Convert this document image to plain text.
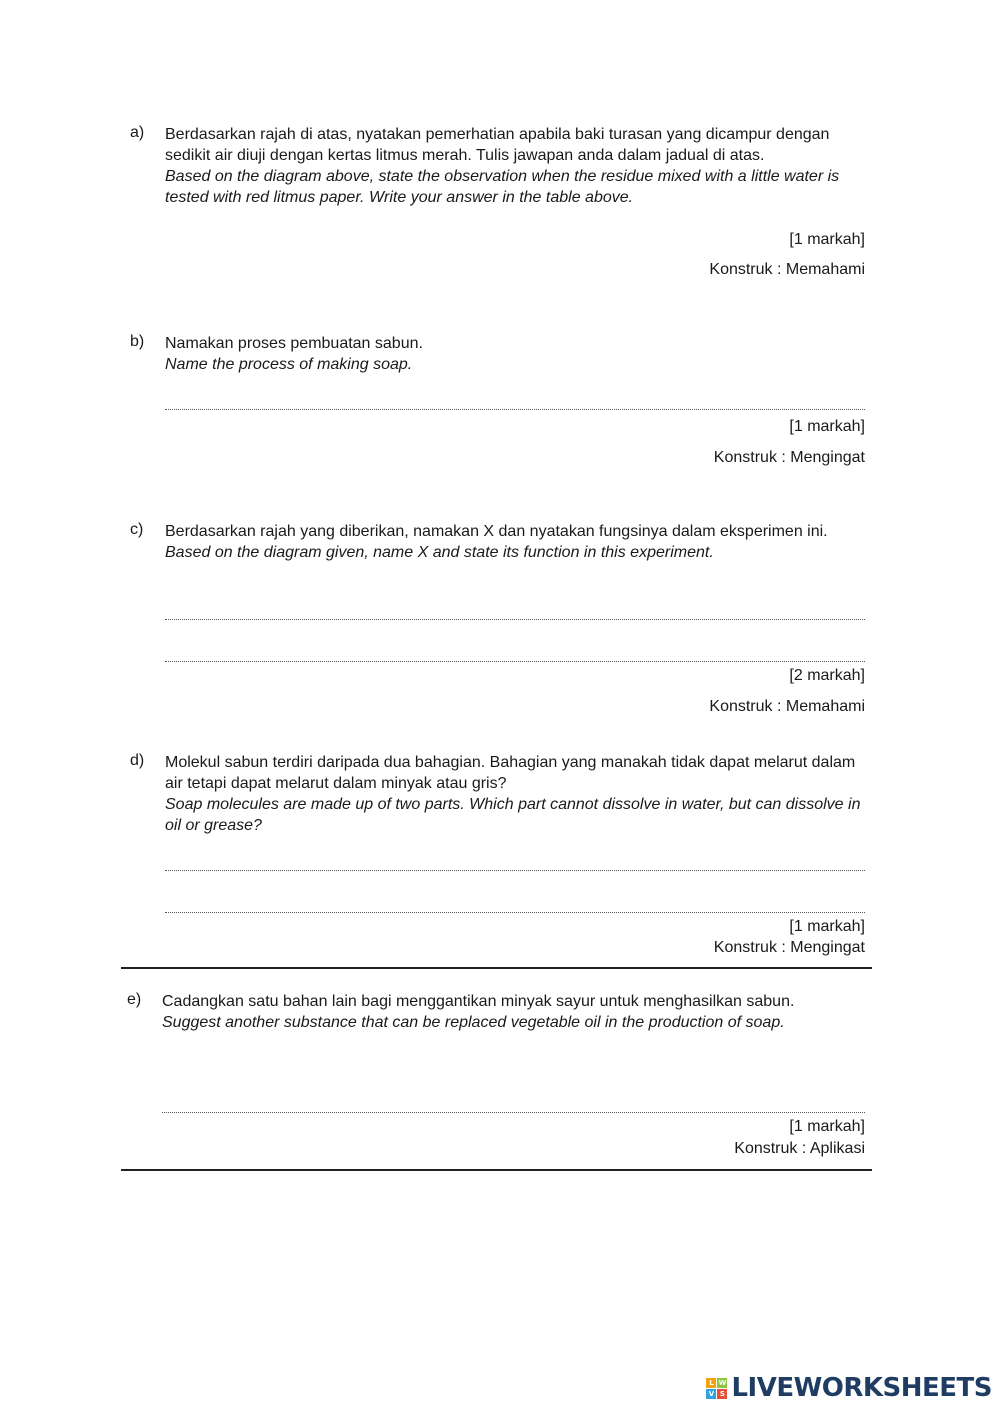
a) Berdasarkan rajah di atas, nyatakan pemerhatian apabila baki turasan yang dicampur dengan sedikit air diuji dengan kertas litmus merah. Tulis jawapan anda dalam jadual di atas.

Based on the diagram above, state the observation when the residue mixed with a little water is tested with red litmus paper. Write your answer in the table above.

[1 markah]
Konstruk : Memahami
b) Namakan proses pembuatan sabun.

Name the process of making soap.

[1 markah]
Konstruk : Mengingat
c) Berdasarkan rajah yang diberikan, namakan X dan nyatakan fungsinya dalam eksperimen ini.

Based on the diagram given, name X and state its function in this experiment.

[2 markah]
Konstruk : Memahami
d) Molekul sabun terdiri daripada dua bahagian. Bahagian yang manakah tidak dapat melarut dalam air tetapi dapat melarut dalam minyak atau gris?

Soap molecules are made up of two parts. Which part cannot dissolve in water, but can dissolve in oil or grease?

[1 markah]
Konstruk : Mengingat
e) Cadangkan satu bahan lain bagi menggantikan minyak sayur untuk menghasilkan sabun.

Suggest another substance that can be replaced vegetable oil in the production of soap.

[1 markah]
Konstruk : Aplikasi
L W
V S LIVEWORKSHEETS
